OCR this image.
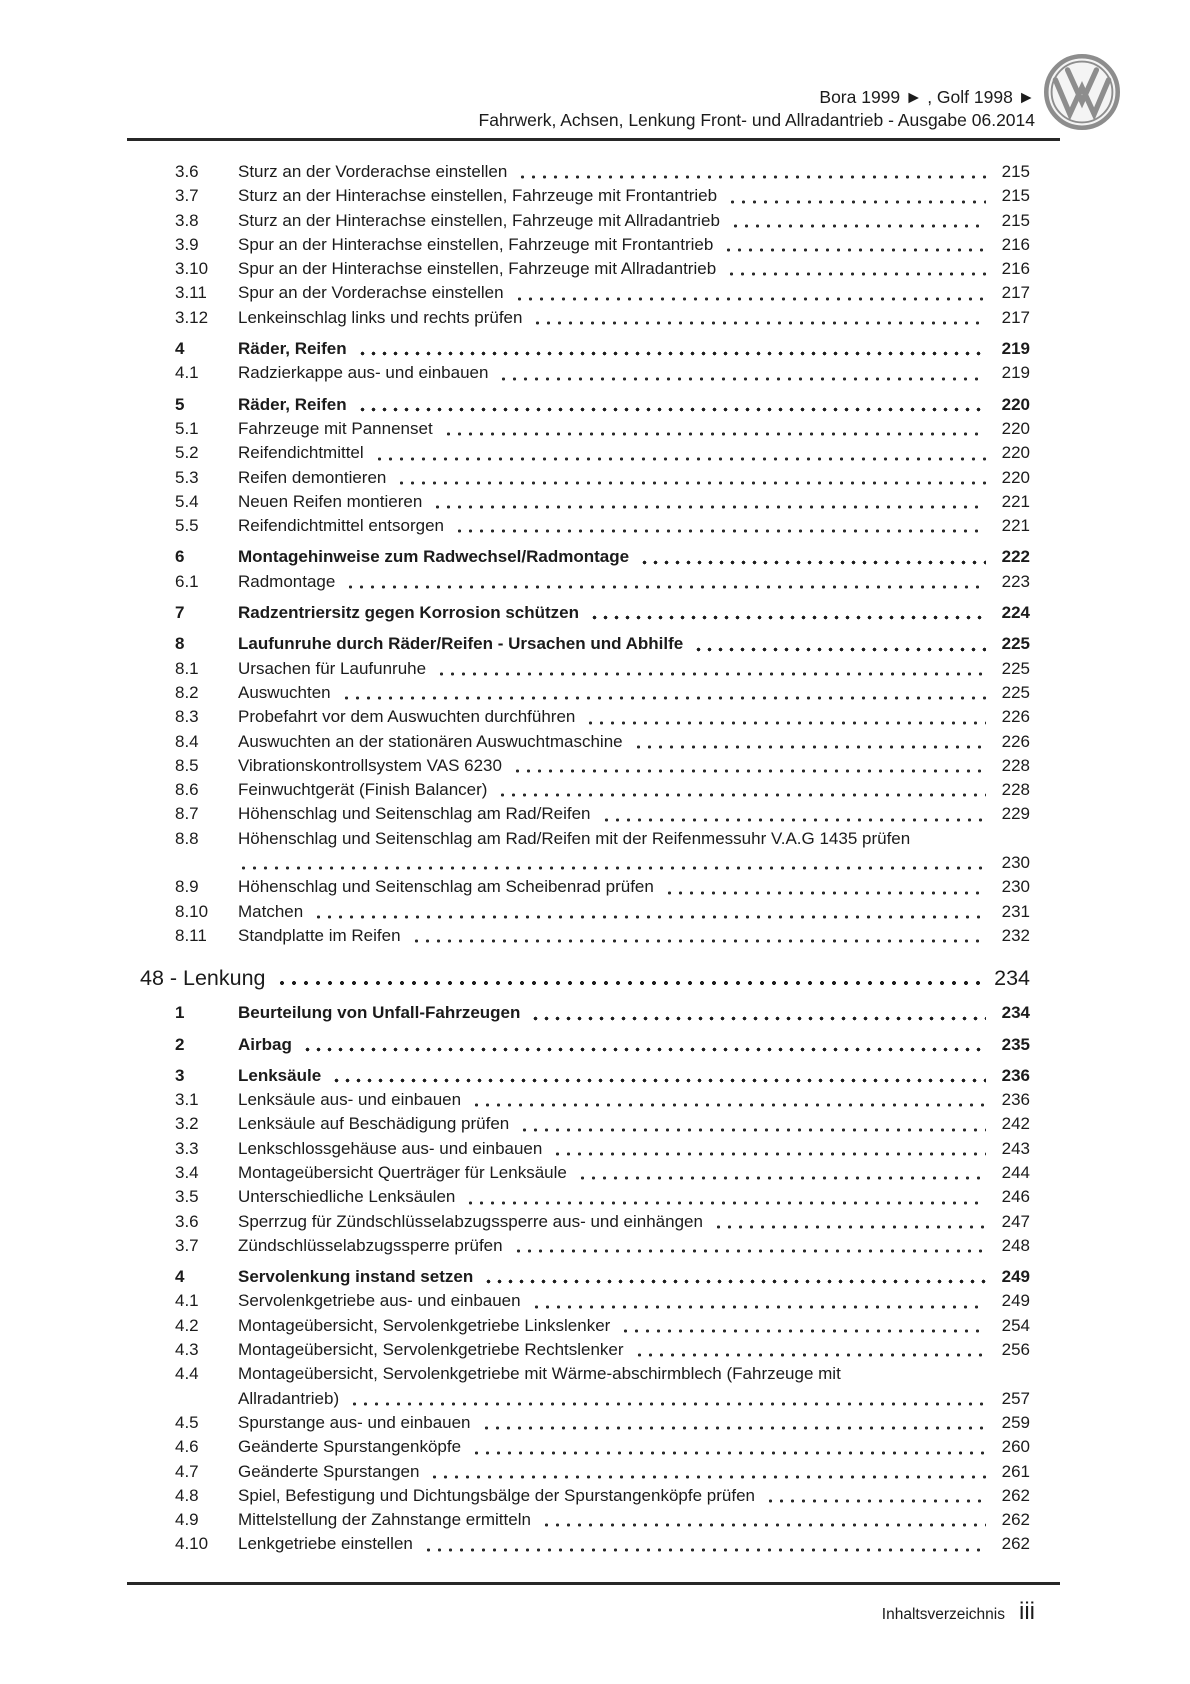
Bora 1999 ► , Golf 1998 ►
Fahrwerk, Achsen, Lenkung Front- und Allradantrieb - Ausgabe 06.2014
3.6	Sturz an der Vorderachse einstellen	215
3.7	Sturz an der Hinterachse einstellen, Fahrzeuge mit Frontantrieb	215
3.8	Sturz an der Hinterachse einstellen, Fahrzeuge mit Allradantrieb	215
3.9	Spur an der Hinterachse einstellen, Fahrzeuge mit Frontantrieb	216
3.10	Spur an der Hinterachse einstellen, Fahrzeuge mit Allradantrieb	216
3.11	Spur an der Vorderachse einstellen	217
3.12	Lenkeinschlag links und rechts prüfen	217
4	Räder, Reifen	219
4.1	Radzierkappe aus- und einbauen	219
5	Räder, Reifen	220
5.1	Fahrzeuge mit Pannenset	220
5.2	Reifendichtmittel	220
5.3	Reifen demontieren	220
5.4	Neuen Reifen montieren	221
5.5	Reifendichtmittel entsorgen	221
6	Montagehinweise zum Radwechsel/Radmontage	222
6.1	Radmontage	223
7	Radzentriersitz gegen Korrosion schützen	224
8	Laufunruhe durch Räder/Reifen - Ursachen und Abhilfe	225
8.1	Ursachen für Laufunruhe	225
8.2	Auswuchten	225
8.3	Probefahrt vor dem Auswuchten durchführen	226
8.4	Auswuchten an der stationären Auswuchtmaschine	226
8.5	Vibrationskontrollsystem VAS 6230	228
8.6	Feinwuchtgerät (Finish Balancer)	228
8.7	Höhenschlag und Seitenschlag am Rad/Reifen	229
8.8	Höhenschlag und Seitenschlag am Rad/Reifen mit der Reifenmessuhr V.A.G 1435 prüfen
230
8.9	Höhenschlag und Seitenschlag am Scheibenrad prüfen	230
8.10	Matchen	231
8.11	Standplatte im Reifen	232
48 - Lenkung	234
1	Beurteilung von Unfall-Fahrzeugen	234
2	Airbag	235
3	Lenksäule	236
3.1	Lenksäule aus- und einbauen	236
3.2	Lenksäule auf Beschädigung prüfen	242
3.3	Lenkschlossgehäuse aus- und einbauen	243
3.4	Montageübersicht Querträger für Lenksäule	244
3.5	Unterschiedliche Lenksäulen	246
3.6	Sperrzug für Zündschlüsselabzugssperre aus- und einhängen	247
3.7	Zündschlüsselabzugssperre prüfen	248
4	Servolenkung instand setzen	249
4.1	Servolenkgetriebe aus- und einbauen	249
4.2	Montageübersicht, Servolenkgetriebe Linkslenker	254
4.3	Montageübersicht, Servolenkgetriebe Rechtslenker	256
4.4	Montageübersicht, Servolenkgetriebe mit Wärme-abschirmblech (Fahrzeuge mit
Allradantrieb)	257
4.5	Spurstange aus- und einbauen	259
4.6	Geänderte Spurstangenköpfe	260
4.7	Geänderte Spurstangen	261
4.8	Spiel, Befestigung und Dichtungsbälge der Spurstangenköpfe prüfen	262
4.9	Mittelstellung der Zahnstange ermitteln	262
4.10	Lenkgetriebe einstellen	262
Inhaltsverzeichnis iii
